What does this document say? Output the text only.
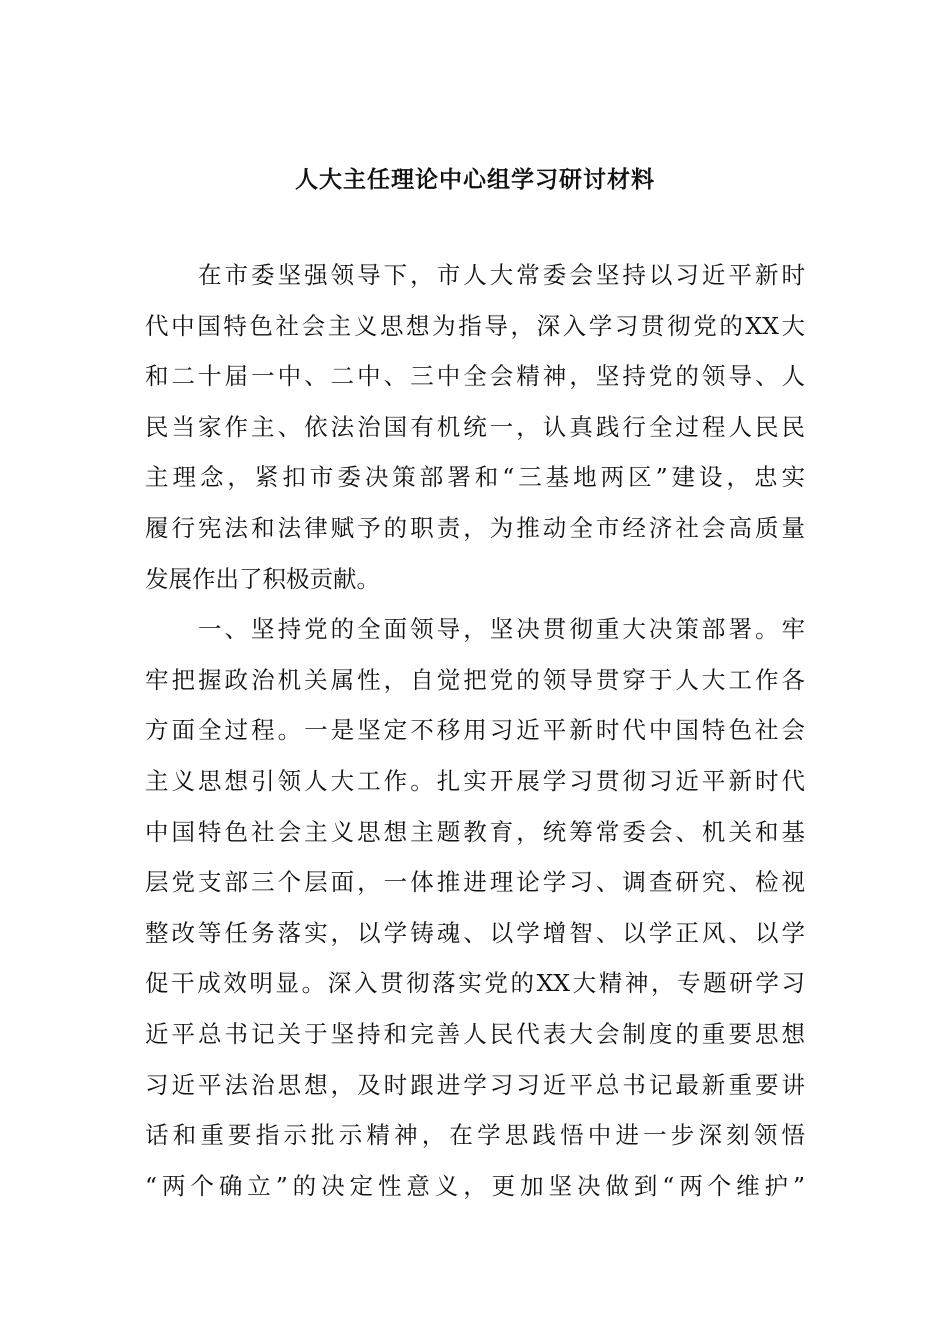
人大主任理论中心组学习研讨材料
在市委坚强领导下，市人大常委会坚持以习近平新时
代中国特色社会主义思想为指导，深入学习贯彻党的XX大
和二十届一中、二中、三中全会精神，坚持党的领导、人
民当家作主、依法治国有机统一，认真践行全过程人民民
主理念，紧扣市委决策部署和“三基地两区”建设，忠实
履行宪法和法律赋予的职责，为推动全市经济社会高质量
发展作出了积极贡献。
一、坚持党的全面领导，坚决贯彻重大决策部署。牢
牢把握政治机关属性，自觉把党的领导贯穿于人大工作各
方面全过程。一是坚定不移用习近平新时代中国特色社会
主义思想引领人大工作。扎实开展学习贯彻习近平新时代
中国特色社会主义思想主题教育，统筹常委会、机关和基
层党支部三个层面，一体推进理论学习、调查研究、检视
整改等任务落实，以学铸魂、以学增智、以学正风、以学
促干成效明显。深入贯彻落实党的XX大精神，专题研学习
近平总书记关于坚持和完善人民代表大会制度的重要思想
习近平法治思想，及时跟进学习习近平总书记最新重要讲
话和重要指示批示精神，在学思践悟中进一步深刻领悟
“两个确立”的决定性意义，更加坚决做到“两个维护”
